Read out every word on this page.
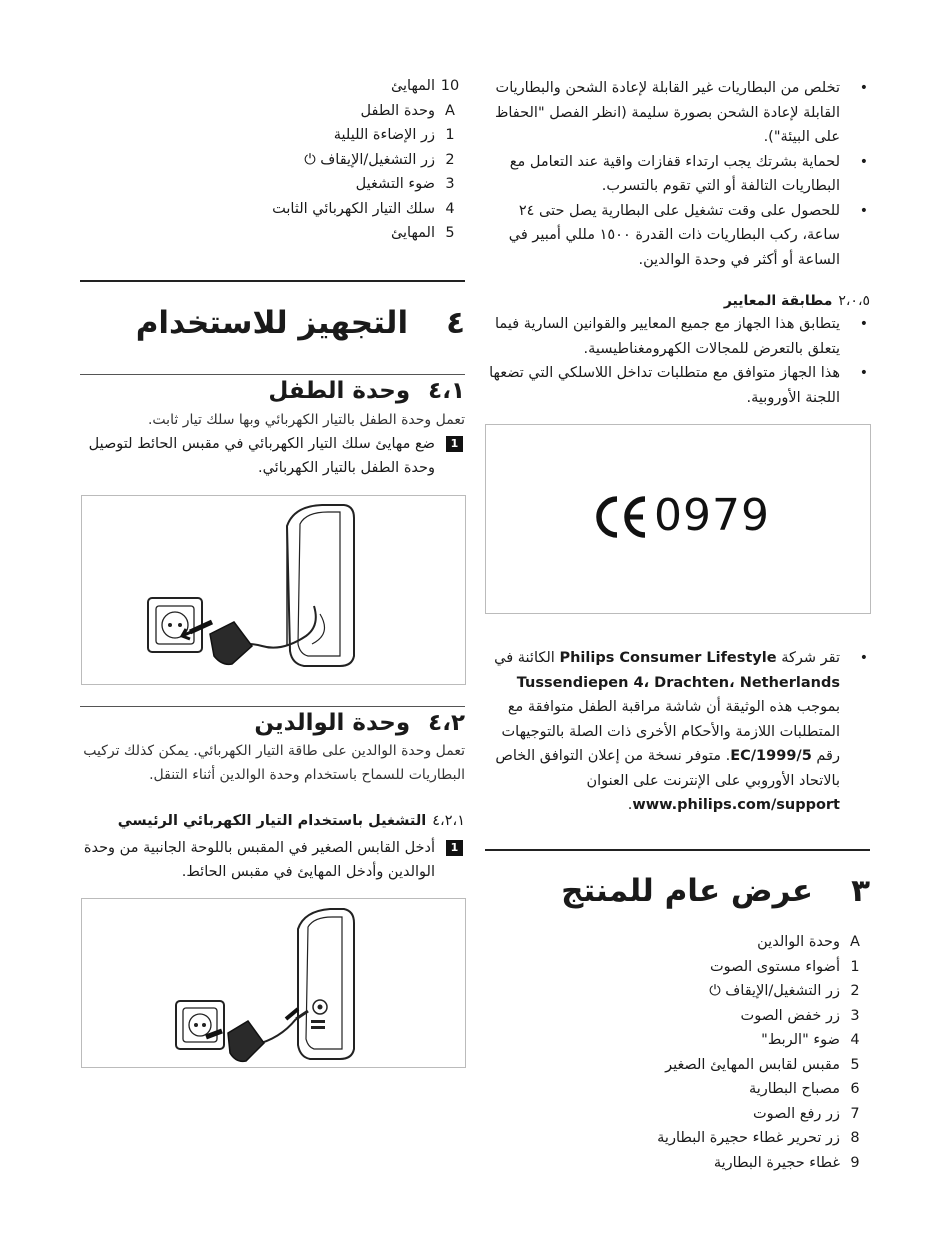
10المهايئ
Aوحدة الطفل
1زر الإضاءة الليلية
2زر التشغيل/الإيقاف ⏻
3ضوء التشغيل
4سلك التيار الكهربائي الثابت
5المهايئ
٤التجهيز للاستخدام
٤،١وحدة الطفل
تعمل وحدة الطفل بالتيار الكهربائي وبها سلك تيار ثابت.
1
ضع مهايئ سلك التيار الكهربائي في مقبس الحائط لتوصيل وحدة الطفل بالتيار الكهربائي.
٤،٢وحدة الوالدين
تعمل وحدة الوالدين على طاقة التيار الكهربائي. يمكن كذلك تركيب البطاريات للسماح باستخدام وحدة الوالدين أثناء التنقل.
٤،٢،١التشغيل باستخدام التيار الكهربائي الرئيسي
1
أدخل القابس الصغير في المقبس باللوحة الجانبية من وحدة الوالدين وأدخل المهايئ في مقبس الحائط.
•
تخلص من البطاريات غير القابلة لإعادة الشحن والبطاريات القابلة لإعادة الشحن بصورة سليمة (انظر الفصل "الحفاظ على البيئة").
•
لحماية بشرتك يجب ارتداء قفازات واقية عند التعامل مع البطاريات التالفة أو التي تقوم بالتسرب.
•
للحصول على وقت تشغيل على البطارية يصل حتى ٢٤ ساعة، ركب البطاريات ذات القدرة ١٥٠٠ مللي أمبير في الساعة أو أكثر في وحدة الوالدين.
٢،٠،٥مطابقة المعايير
•
يتطابق هذا الجهاز مع جميع المعايير والقوانين السارية فيما يتعلق بالتعرض للمجالات الكهرومغناطيسية.
•
هذا الجهاز متوافق مع متطلبات تداخل اللاسلكي التي تضعها اللجنة الأوروبية.
0979
•
تقر شركة Philips Consumer Lifestyle الكائنة في Tussendiepen 4، Drachten، Netherlands بموجب هذه الوثيقة أن شاشة مراقبة الطفل متوافقة مع المتطلبات اللازمة والأحكام الأخرى ذات الصلة بالتوجيهات رقم 1999/5/EC. متوفر نسخة من إعلان التوافق الخاص بالاتحاد الأوروبي على الإنترنت على العنوان www.philips.com/support.
٣عرض عام للمنتج
Aوحدة الوالدين
1أضواء مستوى الصوت
2زر التشغيل/الإيقاف ⏻
3زر خفض الصوت
4ضوء "الربط"
5مقبس لقابس المهايئ الصغير
6مصباح البطارية
7زر رفع الصوت
8زر تحرير غطاء حجيرة البطارية
9غطاء حجيرة البطارية
